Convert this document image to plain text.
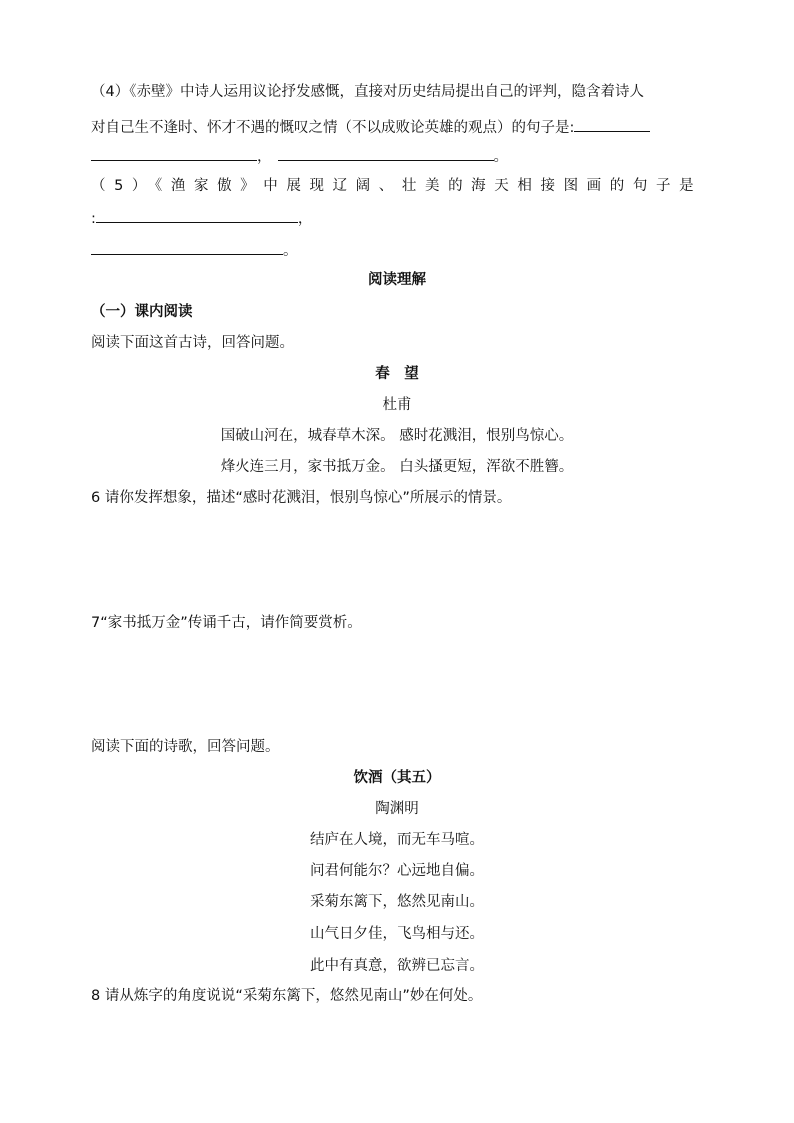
（4）《赤壁》中诗人运用议论抒发感慨，直接对历史结局提出自己的评判，隐含着诗人
对自己生不逢时、怀才不遇的慨叹之情（不以成败论英雄的观点）的句子是:
，	。
（5）《渔家傲》中展现辽阔、壮美的海天相接图画的句子是
:	，
。
阅读理解
（一）课内阅读
阅读下面这首古诗，回答问题。
春　望
杜甫
国破山河在，城春草木深。 感时花溅泪，恨别鸟惊心。
烽火连三月，家书抵万金。 白头搔更短，浑欲不胜簪。
6 请你发挥想象，描述“感时花溅泪，恨别鸟惊心”所展示的情景。
7“家书抵万金”传诵千古，请作简要赏析。
阅读下面的诗歌，回答问题。
饮酒（其五）
陶渊明
结庐在人境，而无车马喧。
问君何能尔？心远地自偏。
采菊东篱下，悠然见南山。
山气日夕佳，飞鸟相与还。
此中有真意，欲辨已忘言。
8 请从炼字的角度说说“采菊东篱下，悠然见南山”妙在何处。
